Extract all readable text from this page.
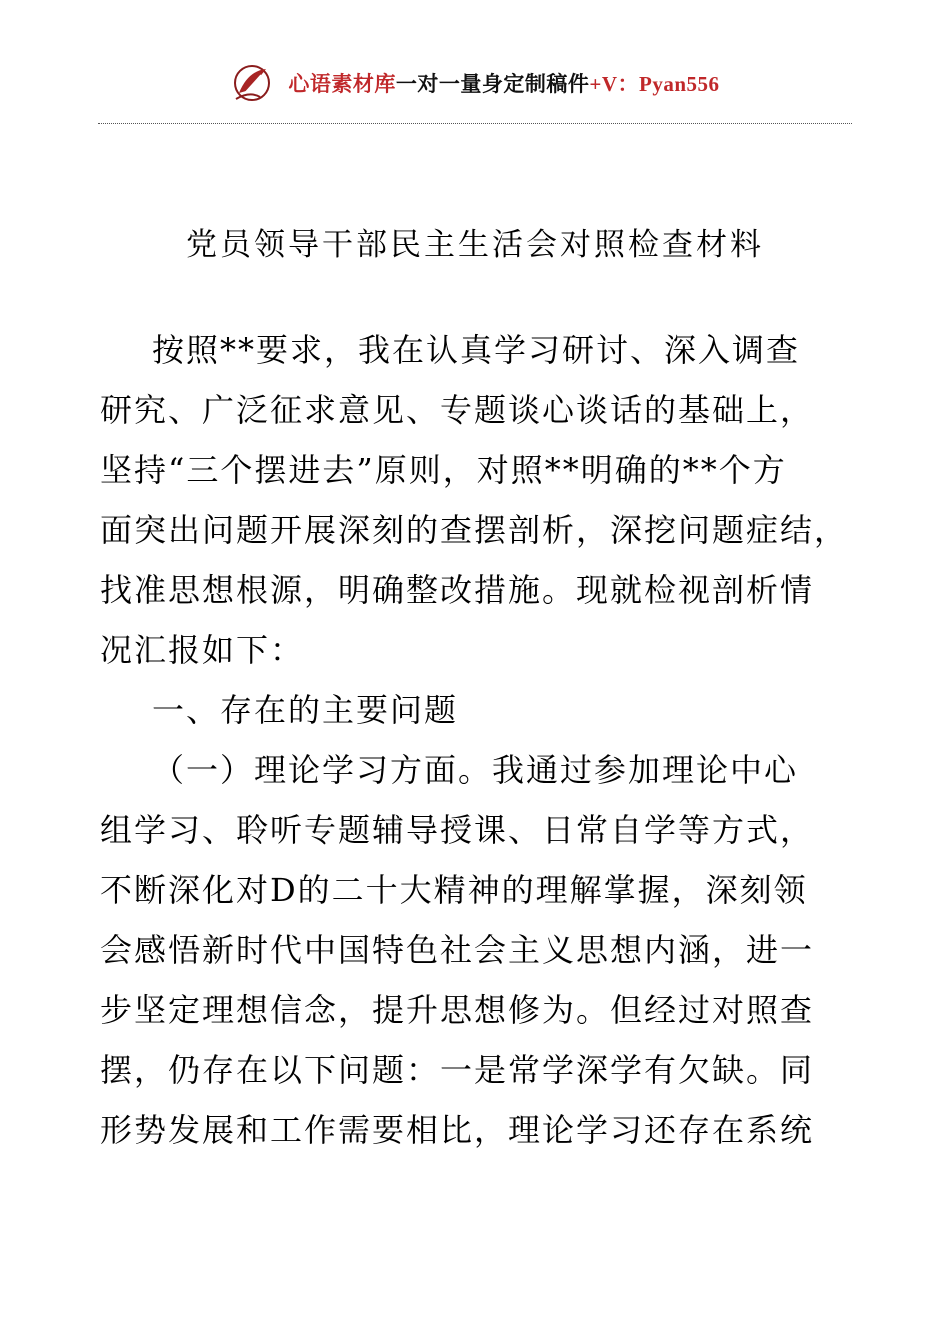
心语素材库一对一量身定制稿件+V：Pyan556
党员领导干部民主生活会对照检查材料
按照**要求，我在认真学习研讨、深入调查
研究、广泛征求意见、专题谈心谈话的基础上，
坚持“三个摆进去”原则，对照**明确的**个方
面突出问题开展深刻的查摆剖析，深挖问题症结，
找准思想根源，明确整改措施。现就检视剖析情
况汇报如下：
一、存在的主要问题
（一）理论学习方面。我通过参加理论中心
组学习、聆听专题辅导授课、日常自学等方式，
不断深化对D的二十大精神的理解掌握，深刻领
会感悟新时代中国特色社会主义思想内涵，进一
步坚定理想信念，提升思想修为。但经过对照查
摆，仍存在以下问题：一是常学深学有欠缺。同
形势发展和工作需要相比，理论学习还存在系统
